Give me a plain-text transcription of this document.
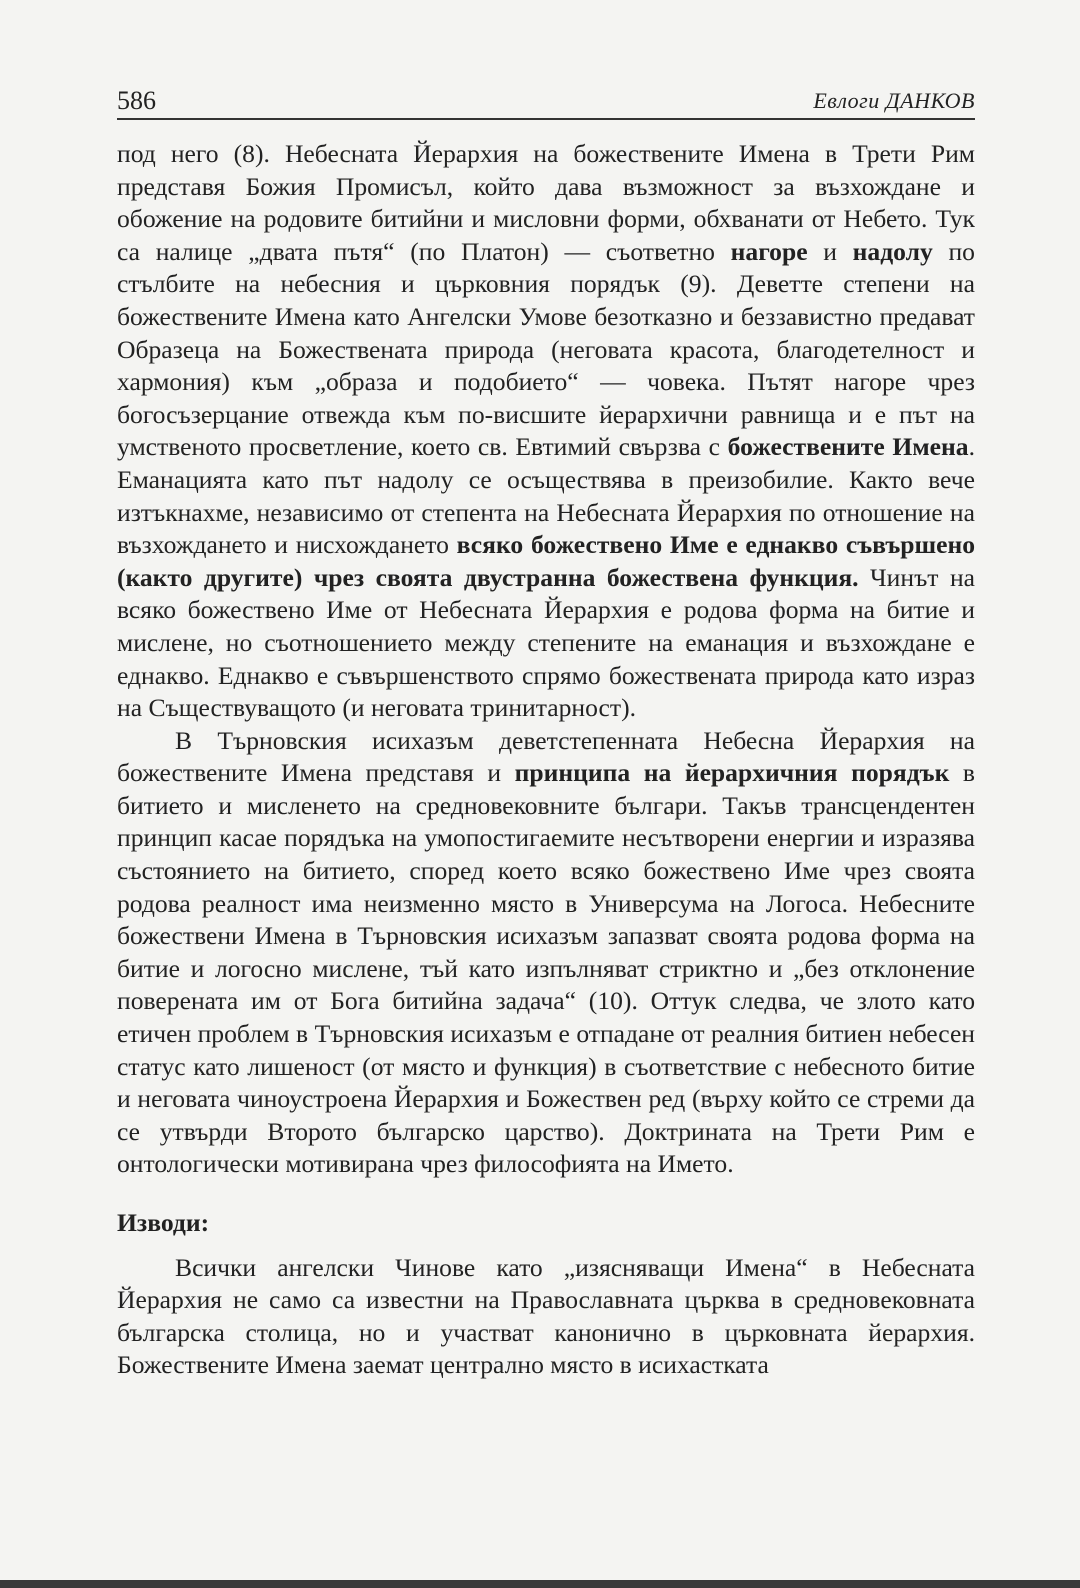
586	Евлоги ДАНКОВ

под него (8). Небесната Йерархия на божествените Имена в Трети Рим представя Божия Промисъл, който дава възможност за възхождане и обожение на родовите битийни и мисловни форми, обхванати от Небето. Тук са налице „двата пътя“ (по Платон) — съответно нагоре и надолу по стълбите на небесния и църковния порядък (9). Деветте степени на божествените Имена като Ангелски Умове безотказно и беззавистно предават Образеца на Божествената природа (неговата красота, благодетелност и хармония) към „образа и подобието“ — човека. Пътят нагоре чрез богосъзерцание отвежда към по-висшите йерархични равнища и е път на умственото просветление, което св. Евтимий свързва с божествените Имена. Еманацията като път надолу се осъществява в преизобилие. Както вече изтъкнахме, независимо от степента на Небесната Йерархия по отношение на възхождането и нисхождането всяко божествено Име е еднакво съвършено (както другите) чрез своята двустранна божествена функция. Чинът на всяко божествено Име от Небесната Йерархия е родова форма на битие и мислене, но съотношението между степените на еманация и възхождане е еднакво. Еднакво е съвършенството спрямо божествената природа като израз на Съществуващото (и неговата тринитарност).

В Търновския исихазъм деветстепенната Небесна Йерархия на божествените Имена представя и принципа на йерархичния порядък в битието и мисленето на средновековните българи. Такъв трансцендентен принцип касае порядъка на умопостигаемите несътворени енергии и изразява състоянието на битието, според което всяко божествено Име чрез своята родова реалност има неизменно място в Универсума на Логоса. Небесните божествени Имена в Търновския исихазъм запазват своята родова форма на битие и логосно мислене, тъй като изпълняват стриктно и „без отклонение поверената им от Бога битийна задача“ (10). Оттук следва, че злото като етичен проблем в Търновския исихазъм е отпадане от реалния битиен небесен статус като лишеност (от място и функция) в съответствие с небесното битие и неговата чиноустроена Йерархия и Божествен ред (върху който се стреми да се утвърди Второто българско царство). Доктрината на Трети Рим е онтологически мотивирана чрез философията на Името.

Изводи:

Всички ангелски Чинове като „изясняващи Имена“ в Небесната Йерархия не само са известни на Православната църква в средновековната българска столица, но и участват канонично в църковната йерархия. Божествените Имена заемат централно място в исихастката
